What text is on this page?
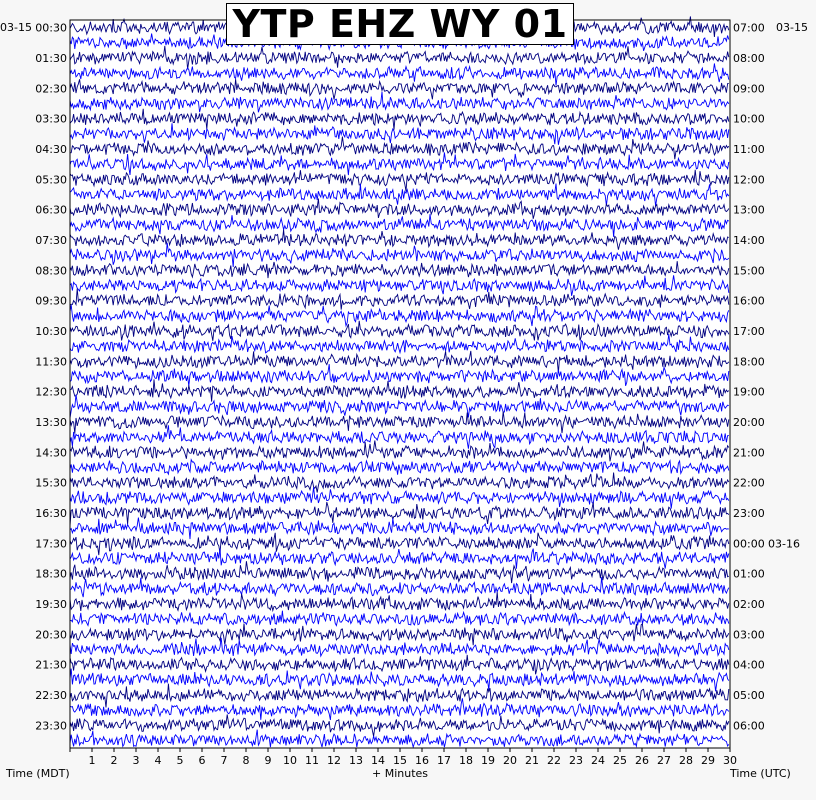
00:30
01:30
02:30
03:30
04:30
05:30
06:30
07:30
08:30
09:30
10:30
11:30
12:30
13:30
14:30
15:30
16:30
17:30
18:30
19:30
20:30
21:30
22:30
23:30
07:00
08:00
09:00
10:00
11:00
12:00
13:00
14:00
15:00
16:00
17:00
18:00
19:00
20:00
21:00
22:00
23:00
00:00 03-16
01:00
02:00
03:00
04:00
05:00
06:00
1 2 3 4 5 6 7 8 9 10 11 12 13 14 15 16 17 18 19 20 21 22 23 24 25 26 27 28 29 30
YTP EHZ WY 01
03-15	03-15
Time (MDT)	Time (UTC)
+ Minutes
